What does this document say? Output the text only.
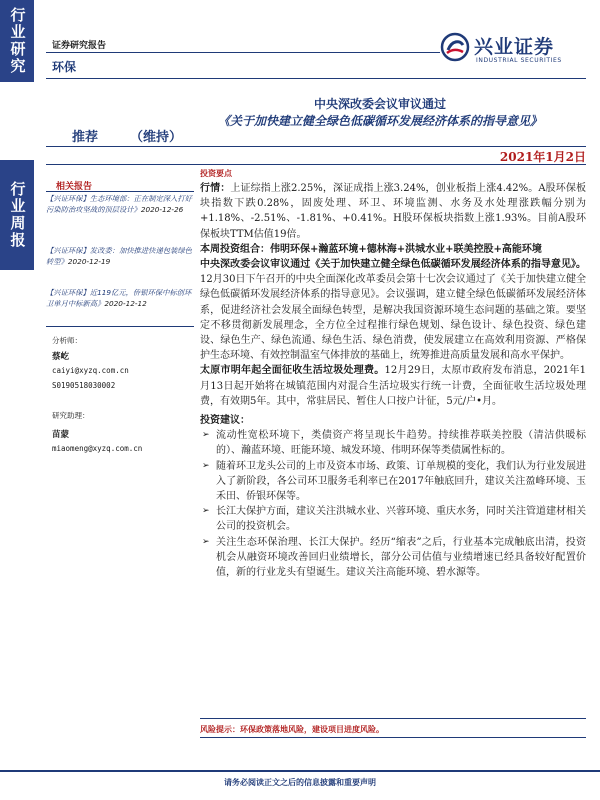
行业研究
行业周报
证券研究报告
环保
兴业证券
INDUSTRIAL SECURITIES
中央深改委会议审议通过
《关于加快建立健全绿色低碳循环发展经济体系的指导意见》
推荐 （维持）
2021年1月2日
相关报告
【兴证环保】生态环境部：正在制定深入打好污染防治攻坚战的顶层设计》2020-12-26
【兴证环保】发改委：加快推进快递包装绿色转型》2020-12-19
【兴证环保】近119亿元，侨银环保中标创环卫单月中标新高》2020-12-12
分析师：
蔡屹
caiyi@xyzq.com.cn
S0190518030002
研究助理：
苗蒙
miaomeng@xyzq.com.cn
投资要点

行情：上证综指上涨2.25%，深证成指上涨3.24%，创业板指上涨4.42%。A股环保板块指数下跌0.28%，固废处理、环卫、环境监测、水务及水处理涨跌幅分别为+1.18%、-2.51%、-1.81%、+0.41%。H股环保板块指数上涨1.93%。目前A股环保板块TTM估值19倍。

本周投资组合：伟明环保+瀚蓝环境+德林海+洪城水业+联美控股+高能环境

中央深改委会议审议通过《关于加快建立健全绿色低碳循环发展经济体系的指导意见》。12月30日下午召开的中央全面深化改革委员会第十七次会议通过了《关于加快建立健全绿色低碳循环发展经济体系的指导意见》。会议强调，建立健全绿色低碳循环发展经济体系，促进经济社会发展全面绿色转型，是解决我国资源环境生态问题的基础之策。要坚定不移贯彻新发展理念，全方位全过程推行绿色规划、绿色设计、绿色投资、绿色建设、绿色生产、绿色流通、绿色生活、绿色消费，使发展建立在高效利用资源、严格保护生态环境、有效控制温室气体排放的基础上，统筹推进高质量发展和高水平保护。

太原市明年起全面征收生活垃圾处理费。12月29日，太原市政府发布消息，2021年1月13日起开始将在城镇范围内对混合生活垃圾实行统一计费，全面征收生活垃圾处理费，有效期5年。其中，常驻居民、暂住人口按户计征，5元/户•月。

投资建议：
➢ 流动性宽松环境下，类债资产将呈现长牛趋势。持续推荐联美控股（清洁供暖标的）、瀚蓝环境、旺能环境、城发环境、伟明环保等类债属性标的。
➢ 随着环卫龙头公司的上市及资本市场、政策、订单规模的变化，我们认为行业发展进入了新阶段，各公司环卫服务毛利率已在2017年触底回升，建议关注盈峰环境、玉禾田、侨银环保等。
➢ 长江大保护方面，建议关注洪城水业、兴蓉环境、重庆水务，同时关注管道建材相关公司的投资机会。
➢ 关注生态环保治理、长江大保护。经历“缩表”之后，行业基本完成触底出清，投资机会从融资环境改善回归业绩增长，部分公司估值与业绩增速已经具备较好配置价值，新的行业龙头有望诞生。建议关注高能环境、碧水源等。
风险提示：环保政策落地风险，建设项目进度风险。
请务必阅读正文之后的信息披露和重要声明
